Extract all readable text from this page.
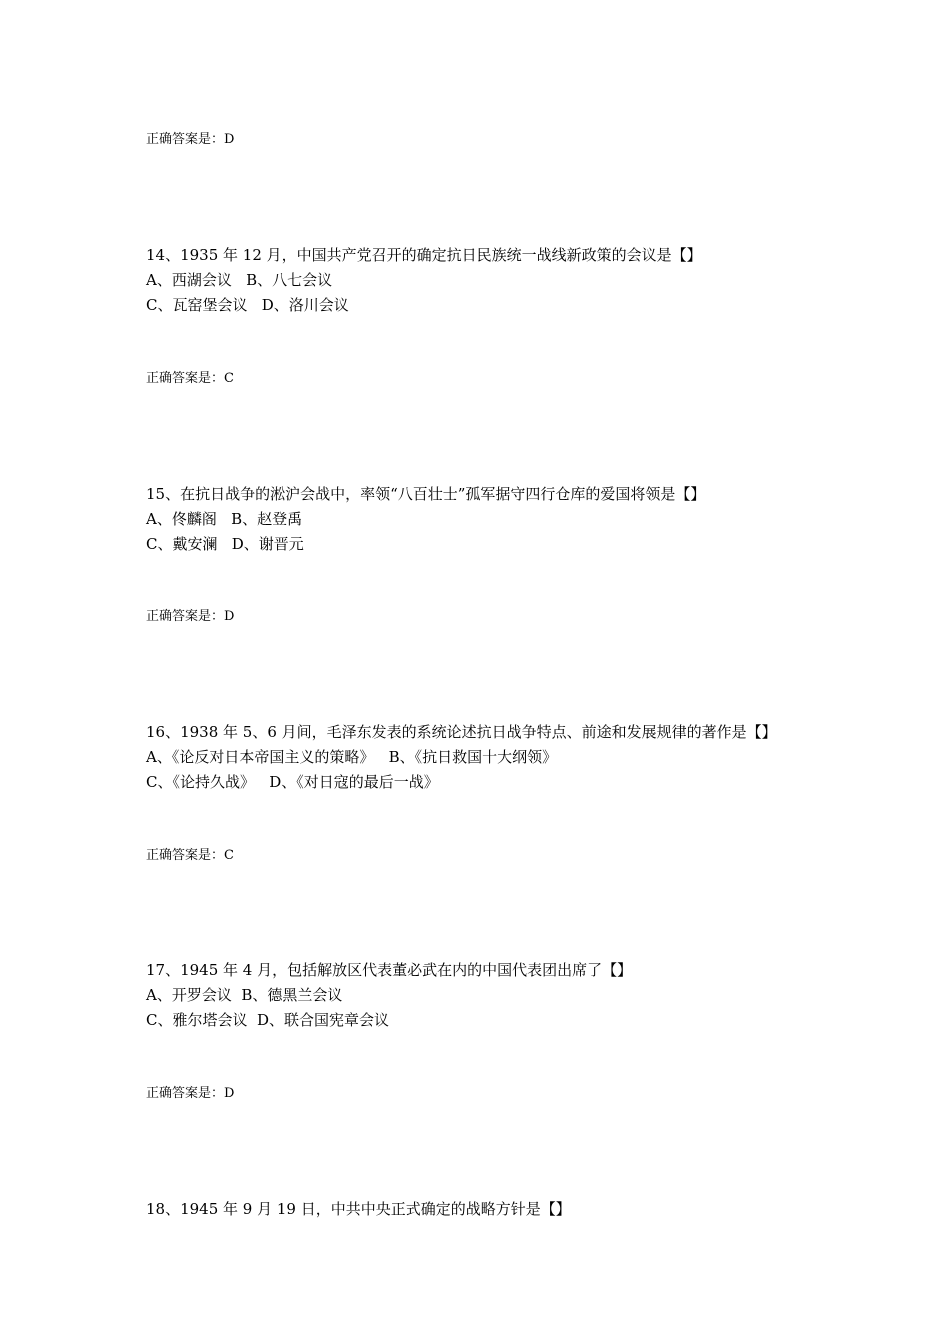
正确答案是：D
14、1935 年 12 月，中国共产党召开的确定抗日民族统一战线新政策的会议是【】
A、西湖会议   B、八七会议
C、瓦窑堡会议   D、洛川会议
正确答案是：C
15、在抗日战争的淞沪会战中，率领“八百壮士”孤军据守四行仓库的爱国将领是【】
A、佟麟阁   B、赵登禹
C、戴安澜   D、谢晋元
正确答案是：D
16、1938 年 5、6 月间，毛泽东发表的系统论述抗日战争特点、前途和发展规律的著作是【】
A、《论反对日本帝国主义的策略》   B、《抗日救国十大纲领》
C、《论持久战》   D、《对日寇的最后一战》
正确答案是：C
17、1945 年 4 月，包括解放区代表董必武在内的中国代表团出席了【】
A、开罗会议  B、德黑兰会议
C、雅尔塔会议  D、联合国宪章会议
正确答案是：D
18、1945 年 9 月 19 日，中共中央正式确定的战略方针是【】
